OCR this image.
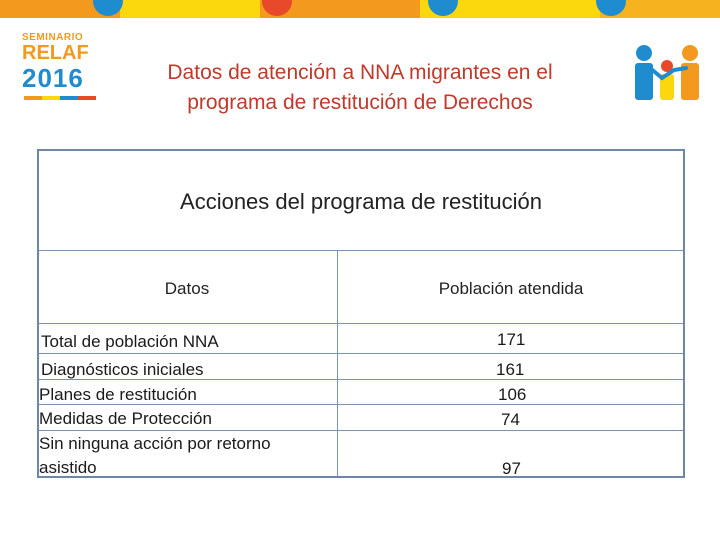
SEMINARIO
RELAF
2016	Datos de atención a NNA migrantes en el
programa de restitución de Derechos
Acciones del programa de restitución
Datos	Población atendida
Total de población NNA
Diagnósticos iniciales
Planes de restitución
Medidas de Protección
Sin ninguna acción por retorno
asistido
171
161
106
74
97
